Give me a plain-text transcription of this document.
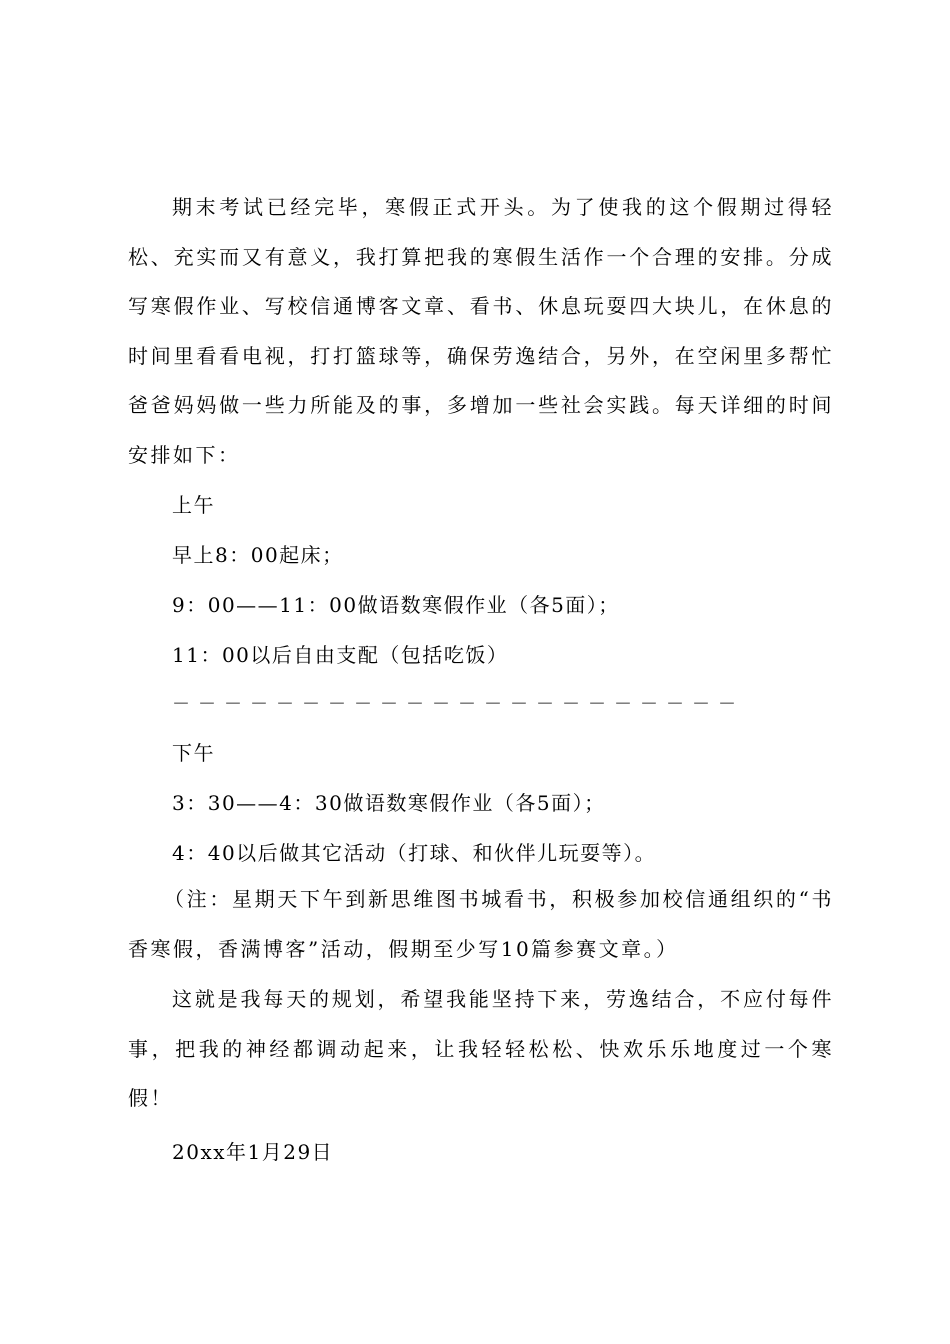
期末考试已经完毕，寒假正式开头。为了使我的这个假期过得轻松、充实而又有意义，我打算把我的寒假生活作一个合理的安排。分成写寒假作业、写校信通博客文章、看书、休息玩耍四大块儿，在休息的时间里看看电视，打打篮球等，确保劳逸结合，另外，在空闲里多帮忙爸爸妈妈做一些力所能及的事，多增加一些社会实践。每天详细的时间安排如下：

上午

早上8：00起床；

9：00——11：00做语数寒假作业（各5面）；

11：00以后自由支配（包括吃饭）

－－－－－－－－－－－－－－－－－－－－－－

下午

3：30——4：30做语数寒假作业（各5面）；

4：40以后做其它活动（打球、和伙伴儿玩耍等）。

（注：星期天下午到新思维图书城看书，积极参加校信通组织的“书香寒假，香满博客”活动，假期至少写10篇参赛文章。）

这就是我每天的规划，希望我能坚持下来，劳逸结合，不应付每件事，把我的神经都调动起来，让我轻轻松松、快欢乐乐地度过一个寒假！

20xx年1月29日
